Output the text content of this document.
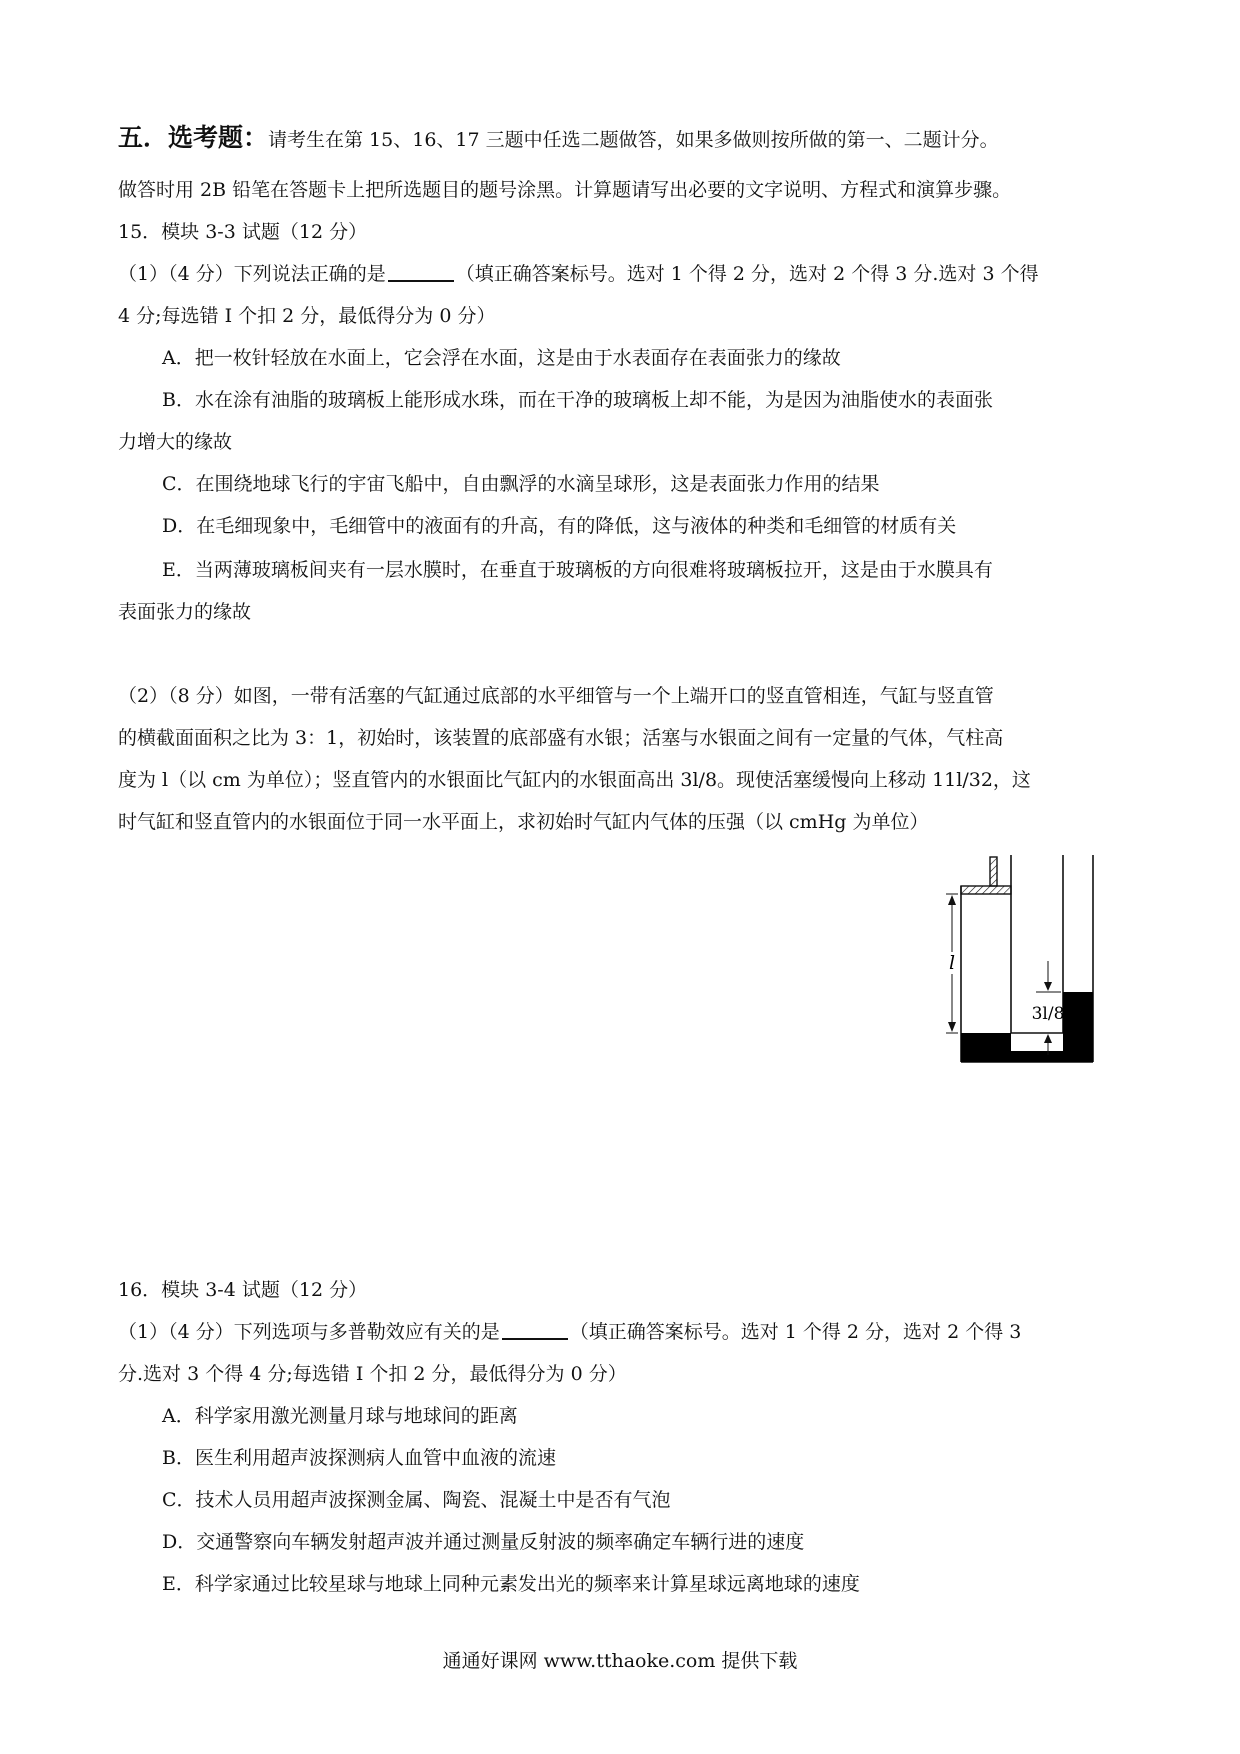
五．选考题：请考生在第 15、16、17 三题中任选二题做答，如果多做则按所做的第一、二题计分。
做答时用 2B 铅笔在答题卡上把所选题目的题号涂黑。计算题请写出必要的文字说明、方程式和演算步骤。
15．模块 3-3 试题（12 分）
（1）（4 分）下列说法正确的是	（填正确答案标号。选对 1 个得 2 分，选对 2 个得 3 分.选对 3 个得
4 分;每选错 I 个扣 2 分，最低得分为 0 分）
A．把一枚针轻放在水面上，它会浮在水面，这是由于水表面存在表面张力的缘故
B．水在涂有油脂的玻璃板上能形成水珠，而在干净的玻璃板上却不能，为是因为油脂使水的表面张
力增大的缘故
C．在围绕地球飞行的宇宙飞船中，自由飘浮的水滴呈球形，这是表面张力作用的结果
D．在毛细现象中，毛细管中的液面有的升高，有的降低，这与液体的种类和毛细管的材质有关
E．当两薄玻璃板间夹有一层水膜时，在垂直于玻璃板的方向很难将玻璃板拉开，这是由于水膜具有
表面张力的缘故
（2）（8 分）如图，一带有活塞的气缸通过底部的水平细管与一个上端开口的竖直管相连，气缸与竖直管
的横截面面积之比为 3：1，初始时，该装置的底部盛有水银；活塞与水银面之间有一定量的气体，气柱高
度为 l（以 cm 为单位）；竖直管内的水银面比气缸内的水银面高出 3l/8。现使活塞缓慢向上移动 11l/32，这
时气缸和竖直管内的水银面位于同一水平面上，求初始时气缸内气体的压强（以 cmHg 为单位）
l
3l/8
16．模块 3-4 试题（12 分）
（1）（4 分）下列选项与多普勒效应有关的是	（填正确答案标号。选对 1 个得 2 分，选对 2 个得 3
分.选对 3 个得 4 分;每选错 I 个扣 2 分，最低得分为 0 分）
A．科学家用激光测量月球与地球间的距离
B．医生利用超声波探测病人血管中血液的流速
C．技术人员用超声波探测金属、陶瓷、混凝土中是否有气泡
D．交通警察向车辆发射超声波并通过测量反射波的频率确定车辆行进的速度
E．科学家通过比较星球与地球上同种元素发出光的频率来计算星球远离地球的速度
通通好课网 www.tthaoke.com 提供下载
